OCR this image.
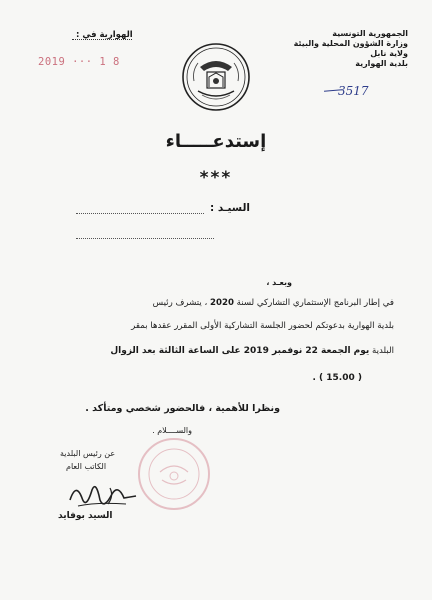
الجمهورية التونسية
وزارة الشؤون المحلية والبيئة
ولاية نابل
بلدية الهوارية
الهوارية في :
2019 ··· 1 8
3517
إستدعـــــاء
***
السيـد :
وبعـد ،
في إطار البرنامج الإستثماري التشاركي لسنة 2020 ، يتشرف رئيس
بلدية الهوارية بدعوتكم لحضور الجلسة التشاركية الأولى المقرر عقدها بمقر
البلدية يوم الجمعة 22 نوفمبر 2019 على الساعة الثالثة بعد الزوال
( 15.00 ) .
ونظرا للأهمية ، فالحضور شخصي ومتأكد .
والســــلام .
عن رئيس البلدية
الكاتب العام
السيد بوفايد
